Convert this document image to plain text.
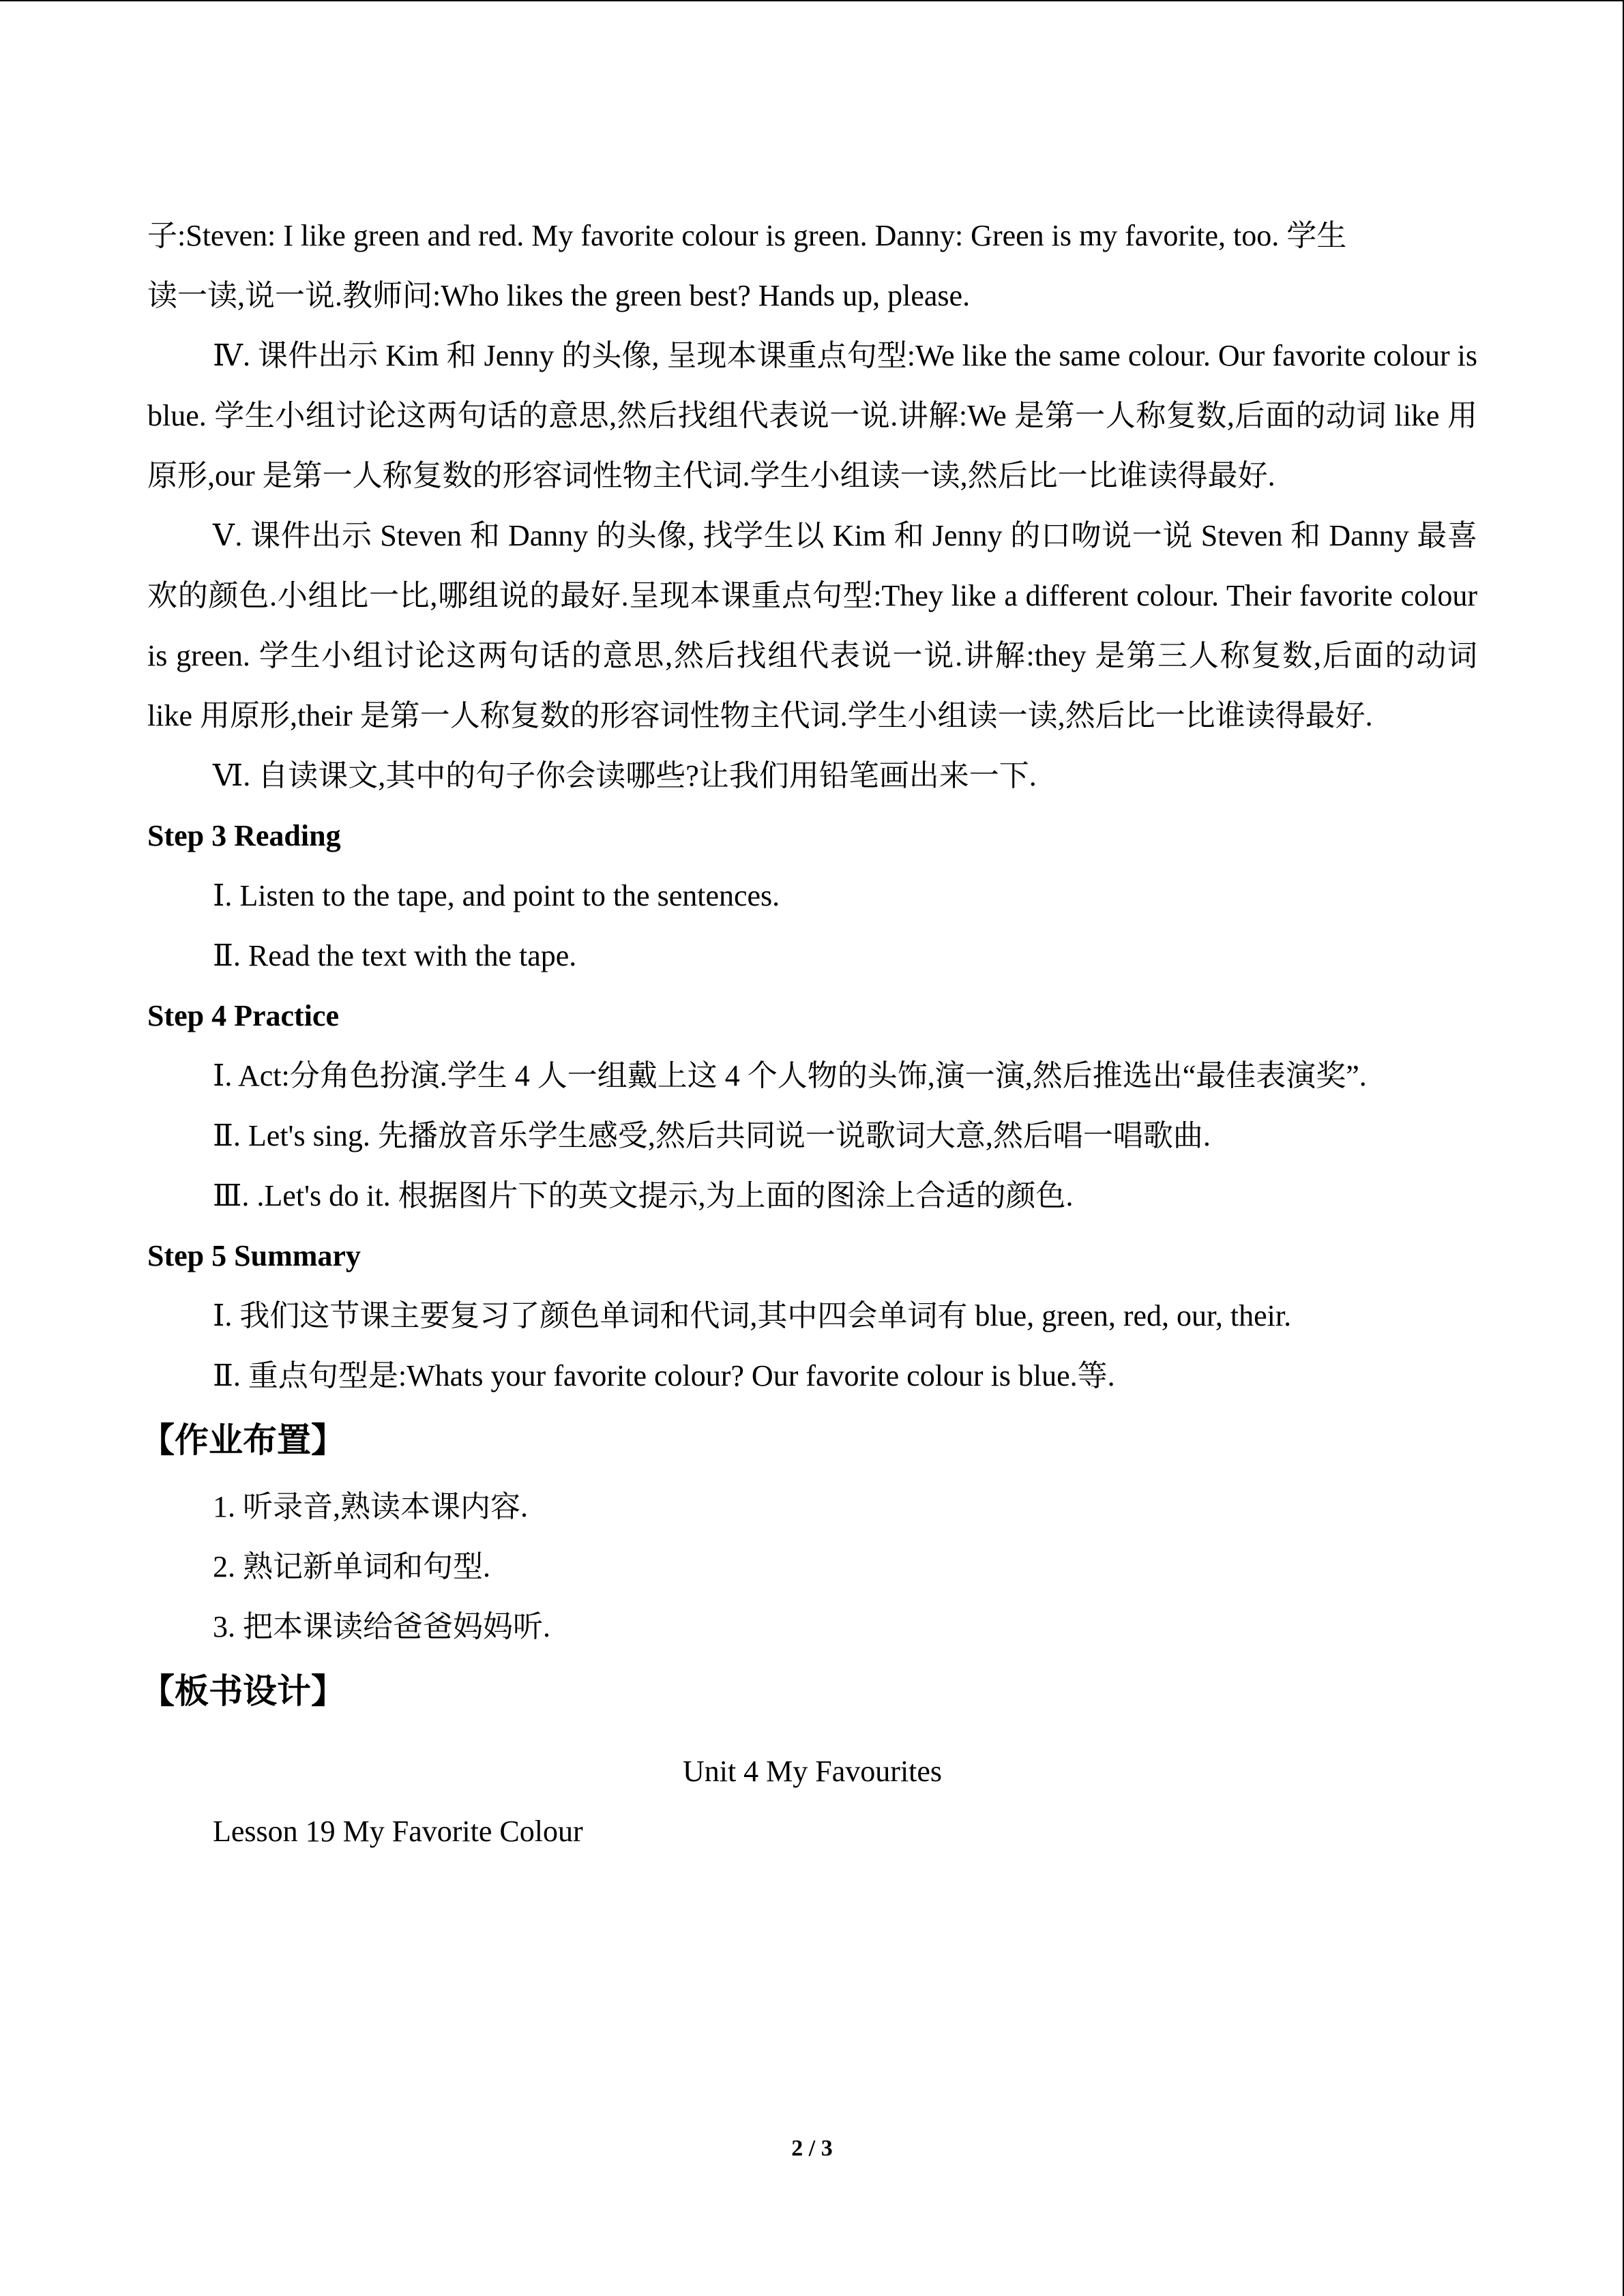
子:Steven: I like green and red. My favorite colour is green. Danny: Green is my favorite, too. 学生

读一读,说一说.教师问:Who likes the green best? Hands up, please.

Ⅳ. 课件出示 Kim 和 Jenny 的头像, 呈现本课重点句型:We like the same colour. Our favorite colour is blue. 学生小组讨论这两句话的意思,然后找组代表说一说.讲解:We 是第一人称复数,后面的动词 like 用原形,our 是第一人称复数的形容词性物主代词.学生小组读一读,然后比一比谁读得最好.

Ⅴ. 课件出示 Steven 和 Danny 的头像, 找学生以 Kim 和 Jenny 的口吻说一说 Steven 和 Danny 最喜欢的颜色.小组比一比,哪组说的最好.呈现本课重点句型:They like a different colour. Their favorite colour is green. 学生小组讨论这两句话的意思,然后找组代表说一说.讲解:they 是第三人称复数,后面的动词 like 用原形,their 是第一人称复数的形容词性物主代词.学生小组读一读,然后比一比谁读得最好.

Ⅵ. 自读课文,其中的句子你会读哪些?让我们用铅笔画出来一下.

Step 3 Reading

Ⅰ. Listen to the tape, and point to the sentences.

Ⅱ. Read the text with the tape.

Step 4 Practice

Ⅰ. Act:分角色扮演.学生 4 人一组戴上这 4 个人物的头饰,演一演,然后推选出“最佳表演奖”.

Ⅱ. Let's sing. 先播放音乐学生感受,然后共同说一说歌词大意,然后唱一唱歌曲.

Ⅲ. .Let's do it. 根据图片下的英文提示,为上面的图涂上合适的颜色.

Step 5 Summary

Ⅰ. 我们这节课主要复习了颜色单词和代词,其中四会单词有 blue, green, red, our, their.

Ⅱ. 重点句型是:What󠀠s your favorite colour? Our favorite colour is blue.等.

【作业布置】

1. 听录音,熟读本课内容.

2. 熟记新单词和句型.

3. 把本课读给爸爸妈妈听.

【板书设计】

Unit 4 My Favourites

Lesson 19 My Favorite Colour

2 / 3
